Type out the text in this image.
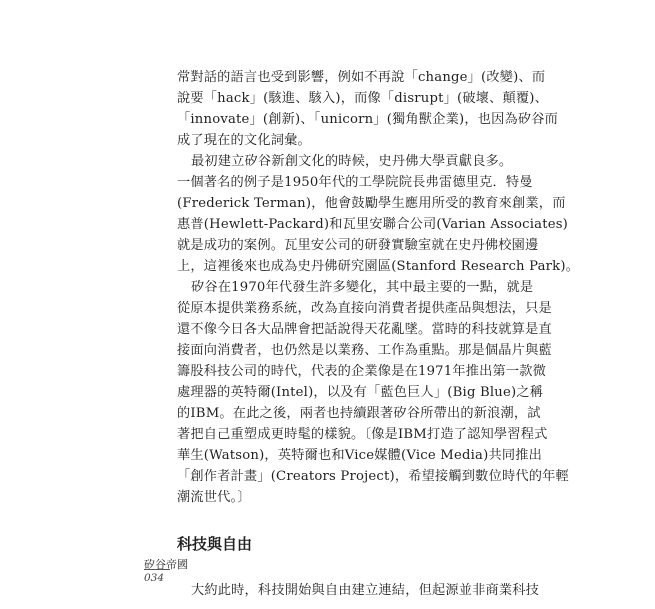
常對話的語言也受到影響，例如不再說「change」(改變)、而
說要「hack」(駭進、駭入)，而像「disrupt」(破壞、顛覆)、
「innovate」(創新)、「unicorn」(獨角獸企業)，也因為矽谷而
成了現在的文化詞彙。
最初建立矽谷新創文化的時候，史丹佛大學貢獻良多。
一個著名的例子是1950年代的工學院院長弗雷德里克．特曼
(Frederick Terman)，他會鼓勵學生應用所受的教育來創業，而
惠普(Hewlett-Packard)和瓦里安聯合公司(Varian Associates)
就是成功的案例。瓦里安公司的研發實驗室就在史丹佛校園邊
上，這裡後來也成為史丹佛研究園區(Stanford Research Park)。
矽谷在1970年代發生許多變化，其中最主要的一點，就是
從原本提供業務系統，改為直接向消費者提供產品與想法，只是
還不像今日各大品牌會把話說得天花亂墜。當時的科技就算是直
接面向消費者，也仍然是以業務、工作為重點。那是個晶片與藍
籌股科技公司的時代，代表的企業像是在1971年推出第一款微
處理器的英特爾(Intel)，以及有「藍色巨人」(Big Blue)之稱
的IBM。在此之後，兩者也持續跟著矽谷所帶出的新浪潮，試
著把自己重塑成更時髦的樣貌。〔像是IBM打造了認知學習程式
華生(Watson)，英特爾也和Vice媒體(Vice Media)共同推出
「創作者計畫」(Creators Project)，希望接觸到數位時代的年輕
潮流世代。〕
科技與自由
大約此時，科技開始與自由建立連結，但起源並非商業科技
矽谷帝國
034
